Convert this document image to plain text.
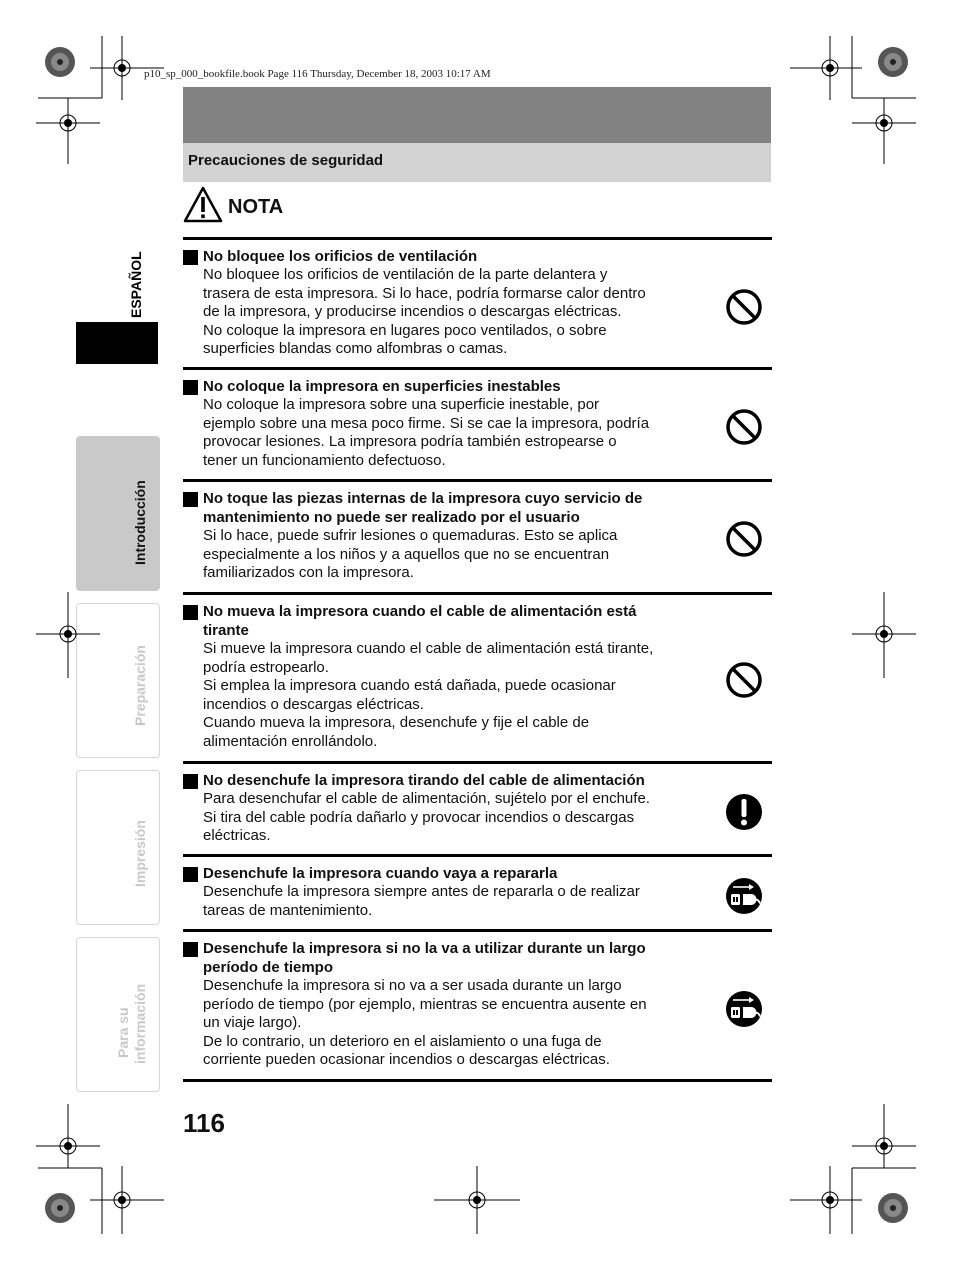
p10_sp_000_bookfile.book Page 116 Thursday, December 18, 2003 10:17 AM
Precauciones de seguridad
NOTA
ESPAÑOL
Introducción
Preparación
Impresión
Para su información
No bloquee los orificios de ventilación
No bloquee los orificios de ventilación de la parte delantera y
trasera de esta impresora. Si lo hace, podría formarse calor dentro
de la impresora, y producirse incendios o descargas eléctricas.
No coloque la impresora en lugares poco ventilados, o sobre
superficies blandas como alfombras o camas.
No coloque la impresora en superficies inestables
No coloque la impresora sobre una superficie inestable, por
ejemplo sobre una mesa poco firme. Si se cae la impresora, podría
provocar lesiones. La impresora podría también estropearse o
tener un funcionamiento defectuoso.
No toque las piezas internas de la impresora cuyo servicio de
mantenimiento no puede ser realizado por el usuario
Si lo hace, puede sufrir lesiones o quemaduras. Esto se aplica
especialmente a los niños y a aquellos que no se encuentran
familiarizados con la impresora.
No mueva la impresora cuando el cable de alimentación está
tirante
Si mueve la impresora cuando el cable de alimentación está tirante,
podría estropearlo.
Si emplea la impresora cuando está dañada, puede ocasionar
incendios o descargas eléctricas.
Cuando mueva la impresora, desenchufe y fije el cable de
alimentación enrollándolo.
No desenchufe la impresora tirando del cable de alimentación
Para desenchufar el cable de alimentación, sujételo por el enchufe.
Si tira del cable podría dañarlo y provocar incendios o descargas
eléctricas.
Desenchufe la impresora cuando vaya a repararla
Desenchufe la impresora siempre antes de repararla o de realizar
tareas de mantenimiento.
Desenchufe la impresora si no la va a utilizar durante un largo
período de tiempo
Desenchufe la impresora si no va a ser usada durante un largo
período de tiempo (por ejemplo, mientras se encuentra ausente en
un viaje largo).
De lo contrario, un deterioro en el aislamiento o una fuga de
corriente pueden ocasionar incendios o descargas eléctricas.
116
